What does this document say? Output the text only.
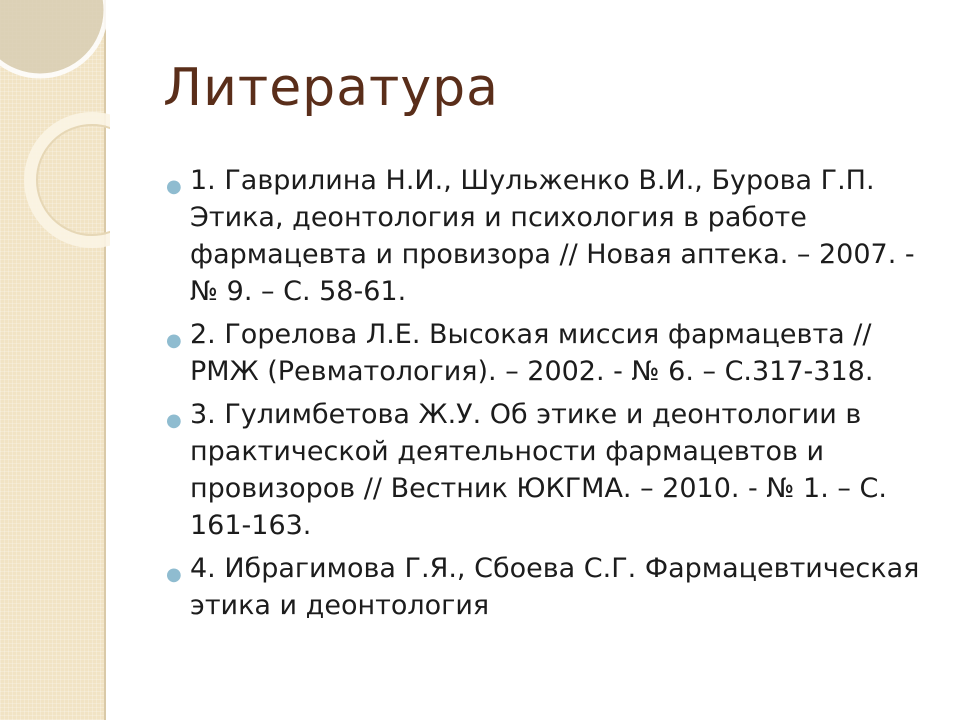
Литература
● 1. Гаврилина Н.И., Шульженко В.И., Бурова Г.П. Этика, деонтология и психология в работе фармацевта и провизора // Новая аптека. – 2007. - № 9. – С. 58-61.
● 2. Горелова Л.Е. Высокая миссия фармацевта // РМЖ (Ревматология). – 2002. - № 6. – С.317-318.
● 3. Гулимбетова Ж.У. Об этике и деонтологии в практической деятельности фармацевтов и провизоров // Вестник ЮКГМА. – 2010. - № 1. – С. 161-163.
● 4. Ибрагимова Г.Я., Сбоева С.Г. Фармацевтическая этика и деонтология
